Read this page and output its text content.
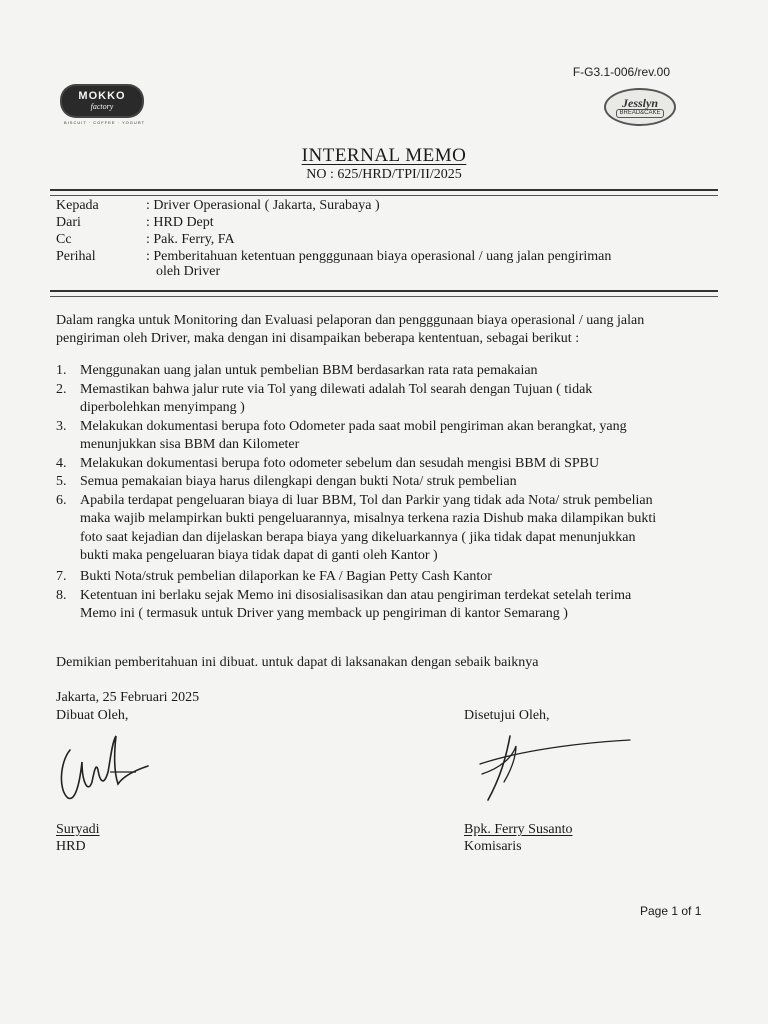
MOKKO
factory
BISCUIT · COFFEE · YOGURT
F-G3.1-006/rev.00
Jesslyn
BREAD&CAKE
INTERNAL MEMO
NO : 625/HRD/TPI/II/2025
Kepada	: Driver Operasional ( Jakarta, Surabaya )
Dari	: HRD Dept
Cc	: Pak. Ferry, FA
Perihal	: Pemberitahuan ketentuan pengggunaan biaya operasional / uang jalan pengiriman
oleh Driver
Dalam rangka untuk Monitoring dan Evaluasi pelaporan dan pengggunaan biaya operasional / uang jalan
pengiriman oleh Driver, maka dengan ini disampaikan beberapa kententuan, sebagai berikut :
1. Menggunakan uang jalan untuk pembelian BBM berdasarkan rata rata pemakaian
2. Memastikan bahwa jalur rute via Tol yang dilewati adalah Tol searah dengan Tujuan ( tidak
diperbolehkan menyimpang )
3. Melakukan dokumentasi berupa foto Odometer pada saat mobil pengiriman akan berangkat, yang
menunjukkan sisa BBM dan Kilometer
4. Melakukan dokumentasi berupa foto odometer sebelum dan sesudah mengisi BBM di SPBU
5. Semua pemakaian biaya harus dilengkapi dengan bukti Nota/ struk pembelian
6. Apabila terdapat pengeluaran biaya di luar BBM, Tol dan Parkir yang tidak ada Nota/ struk pembelian
maka wajib melampirkan bukti pengeluarannya, misalnya terkena razia Dishub maka dilampikan bukti
foto saat kejadian dan dijelaskan berapa biaya yang dikeluarkannya ( jika tidak dapat menunjukkan
bukti maka pengeluaran biaya tidak dapat di ganti oleh Kantor )
7. Bukti Nota/struk pembelian dilaporkan ke FA / Bagian Petty Cash Kantor
8. Ketentuan ini berlaku sejak Memo ini disosialisasikan dan atau pengiriman terdekat setelah terima
Memo ini ( termasuk untuk Driver yang memback up pengiriman di kantor Semarang )
Demikian pemberitahuan ini dibuat. untuk dapat di laksanakan dengan sebaik baiknya
Jakarta, 25 Februari 2025
Dibuat Oleh,	Disetujui Oleh,
Suryadi
HRD
Bpk. Ferry Susanto
Komisaris
Page 1 of 1
